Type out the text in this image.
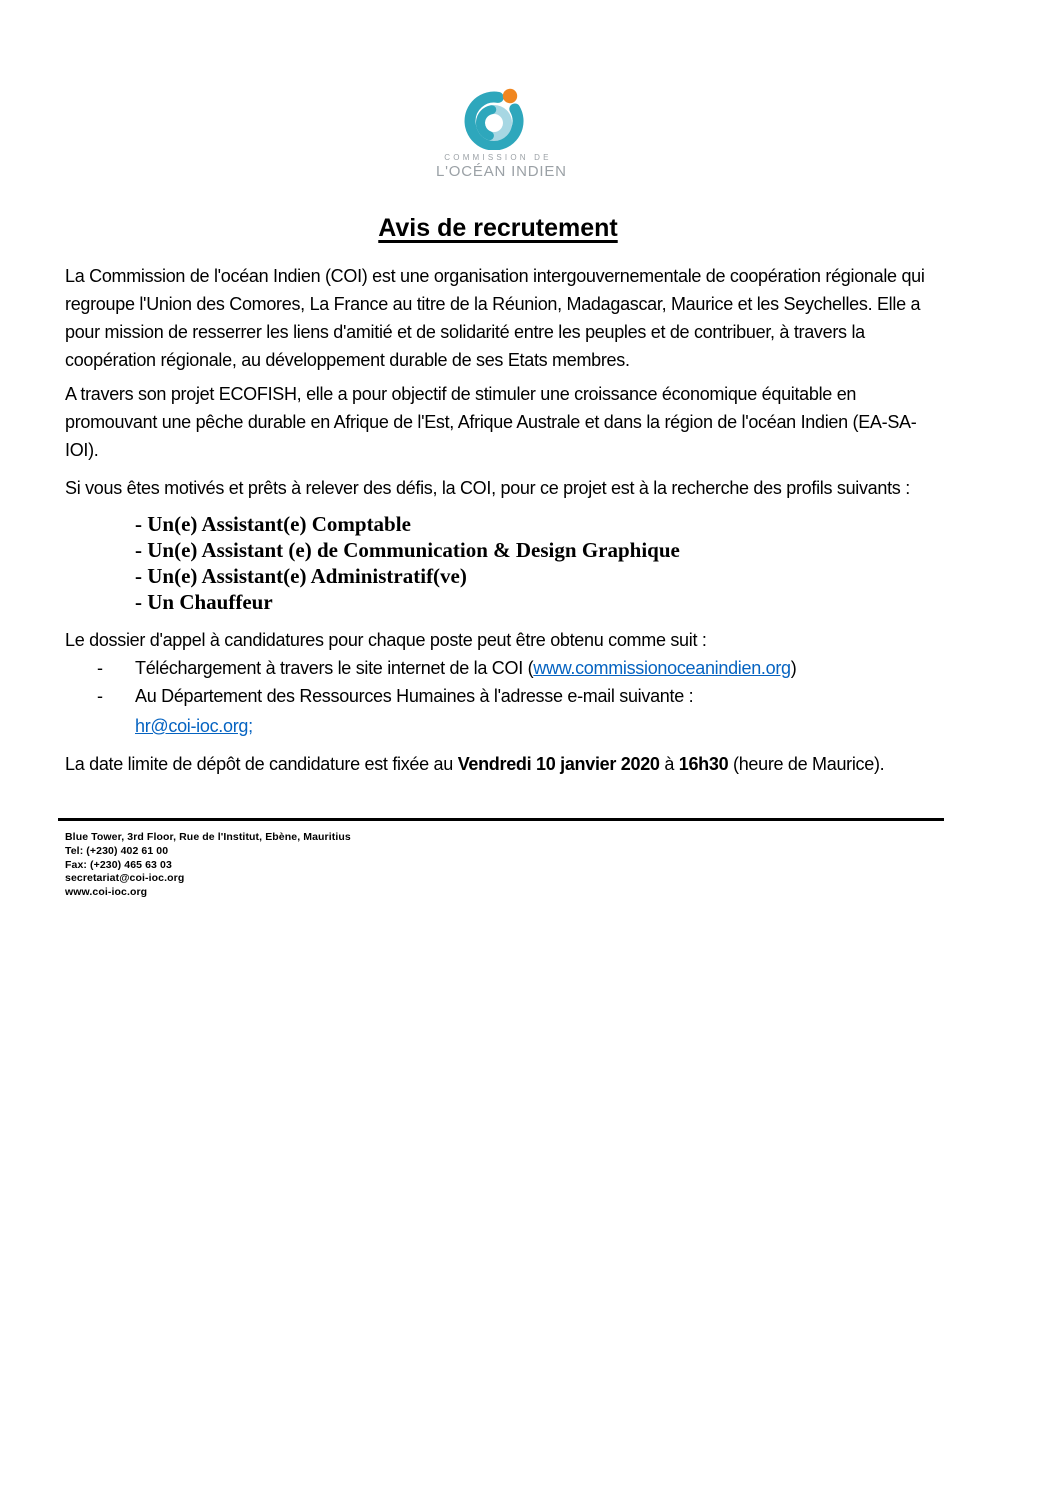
COMMISSION DE
L'OCÉAN INDIEN
Avis de recrutement
La Commission de l'océan Indien (COI) est une organisation intergouvernementale de coopération régionale qui regroupe l'Union des Comores, La France au titre de la Réunion, Madagascar, Maurice et les Seychelles. Elle a pour mission de resserrer les liens d'amitié et de solidarité entre les peuples et de contribuer, à travers la coopération régionale, au développement durable de ses Etats membres.
A travers son projet ECOFISH, elle a pour objectif de stimuler une croissance économique équitable en promouvant une pêche durable en Afrique de l'Est, Afrique Australe et dans la région de l'océan Indien (EA-SA-IOI).
Si vous êtes motivés et prêts à relever des défis, la COI, pour ce projet est à la recherche des profils suivants :
- Un(e) Assistant(e) Comptable
- Un(e) Assistant (e) de Communication & Design Graphique
- Un(e) Assistant(e) Administratif(ve)
- Un Chauffeur
Le dossier d'appel à candidatures pour chaque poste peut être obtenu comme suit :
-	Téléchargement à travers le site internet de la COI (www.commissionoceanindien.org)
-	Au Département des Ressources Humaines à l'adresse e-mail suivante :
hr@coi-ioc.org;
La date limite de dépôt de candidature est fixée au Vendredi 10 janvier 2020 à 16h30 (heure de Maurice).
Blue Tower, 3rd Floor, Rue de l'Institut, Ebène, Mauritius
Tel: (+230) 402 61 00
Fax: (+230) 465 63 03
secretariat@coi-ioc.org
www.coi-ioc.org
